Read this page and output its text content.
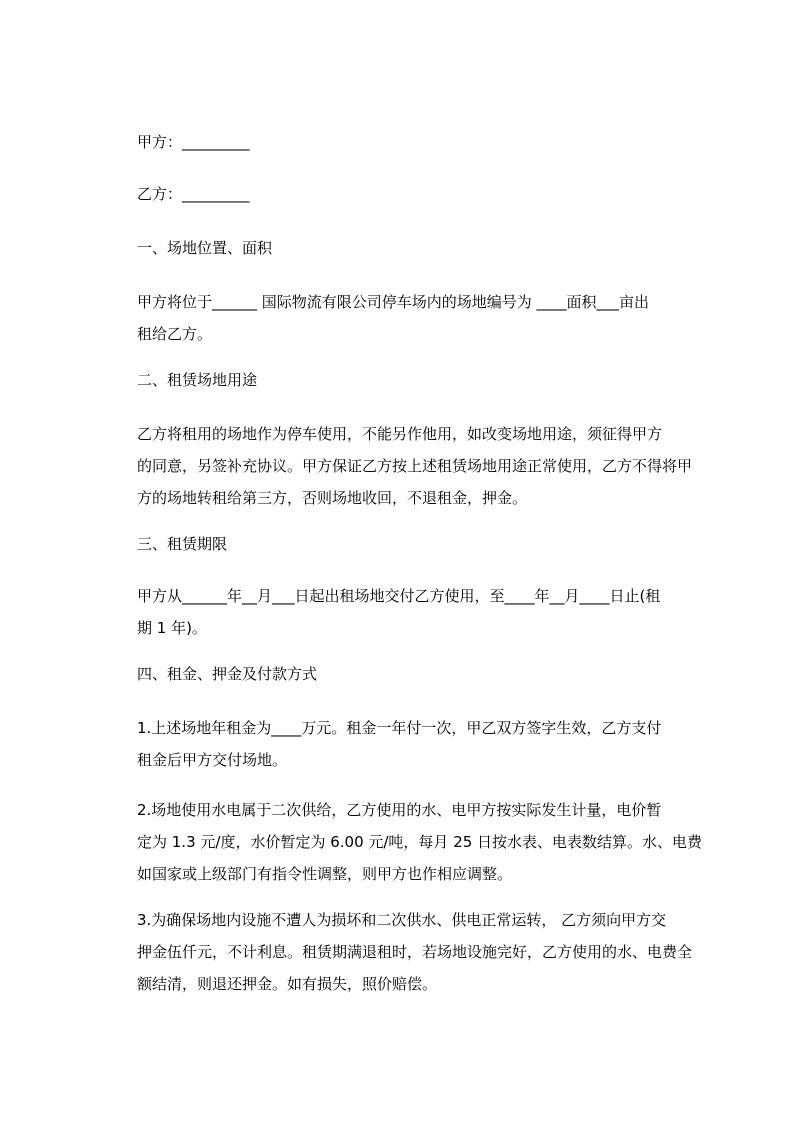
甲方：_________
乙方：_________
一、场地位置、面积
甲方将位于______ 国际物流有限公司停车场内的场地编号为 ____面积___亩出
租给乙方。
二、租赁场地用途
乙方将租用的场地作为停车使用，不能另作他用，如改变场地用途，须征得甲方
的同意，另签补充协议。甲方保证乙方按上述租赁场地用途正常使用，乙方不得将甲
方的场地转租给第三方，否则场地收回，不退租金，押金。
三、租赁期限
甲方从______年__月___日起出租场地交付乙方使用，至____年__月____日止(租
期 1 年)。
四、租金、押金及付款方式
1.上述场地年租金为____万元。租金一年付一次，甲乙双方签字生效，乙方支付
租金后甲方交付场地。
2.场地使用水电属于二次供给，乙方使用的水、电甲方按实际发生计量，电价暂
定为 1.3 元/度，水价暂定为 6.00 元/吨，每月 25 日按水表、电表数结算。水、电费
如国家或上级部门有指令性调整，则甲方也作相应调整。
3.为确保场地内设施不遭人为损坏和二次供水、供电正常运转， 乙方须向甲方交
押金伍仟元，不计利息。租赁期满退租时，若场地设施完好，乙方使用的水、电费全
额结清，则退还押金。如有损失，照价赔偿。
